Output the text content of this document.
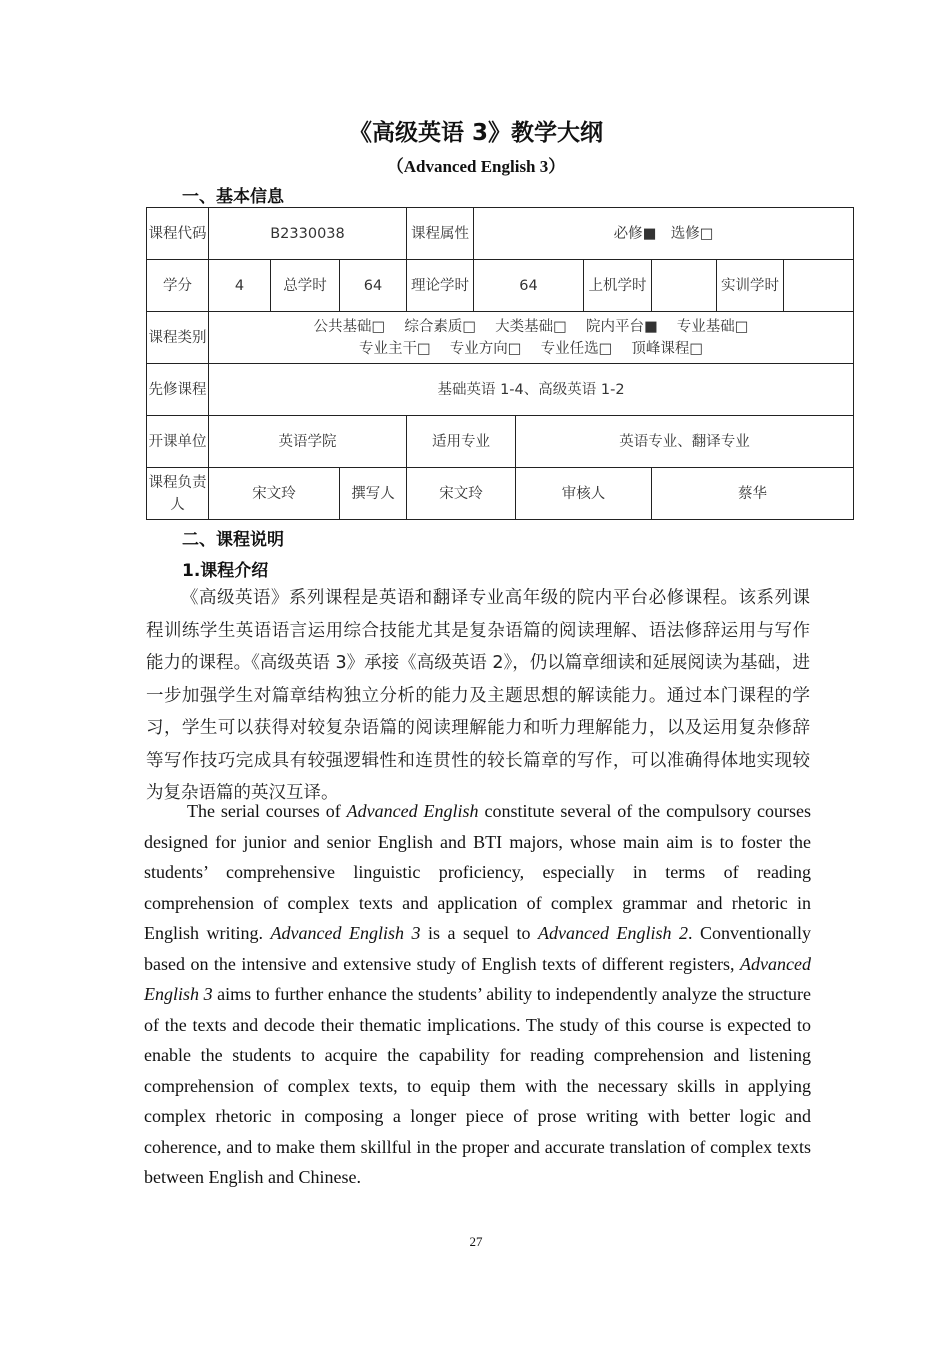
《高级英语 3》教学大纲
（Advanced English 3）
一、基本信息
课程代码	B2330038			课程属性	必修■　选修□					
学分	4	总学时	64	理论学时	64		上机学时		实训学时	
课程类别	公共基础□　 综合素质□　 大类基础□　 院内平台■　 专业基础□
专业主干□　 专业方向□　 专业任选□　 顶峰课程□									

先修课程	基础英语 1-4、高级英语 1-2									
开课单位	英语学院			适用专业		英语专业、翻译专业				
课程负责人	宋文玲		撰写人	宋文玲		审核人		蔡华		
二、课程说明
1.课程介绍
《高级英语》系列课程是英语和翻译专业高年级的院内平台必修课程。该系列课程训练学生英语语言运用综合技能尤其是复杂语篇的阅读理解、语法修辞运用与写作能力的课程。《高级英语 3》承接《高级英语 2》，仍以篇章细读和延展阅读为基础，进一步加强学生对篇章结构独立分析的能力及主题思想的解读能力。通过本门课程的学习，学生可以获得对较复杂语篇的阅读理解能力和听力理解能力，以及运用复杂修辞等写作技巧完成具有较强逻辑性和连贯性的较长篇章的写作，可以准确得体地实现较为复杂语篇的英汉互译。
The serial courses of Advanced English constitute several of the compulsory courses designed for junior and senior English and BTI majors, whose main aim is to foster the students’ comprehensive linguistic proficiency, especially in terms of reading comprehension of complex texts and application of complex grammar and rhetoric in English writing. Advanced English 3 is a sequel to Advanced English 2. Conventionally based on the intensive and extensive study of English texts of different registers, Advanced English 3 aims to further enhance the students’ ability to independently analyze the structure of the texts and decode their thematic implications. The study of this course is expected to enable the students to acquire the capability for reading comprehension and listening comprehension of complex texts, to equip them with the necessary skills in applying complex rhetoric in composing a longer piece of prose writing with better logic and coherence, and to make them skillful in the proper and accurate translation of complex texts between English and Chinese.
27
